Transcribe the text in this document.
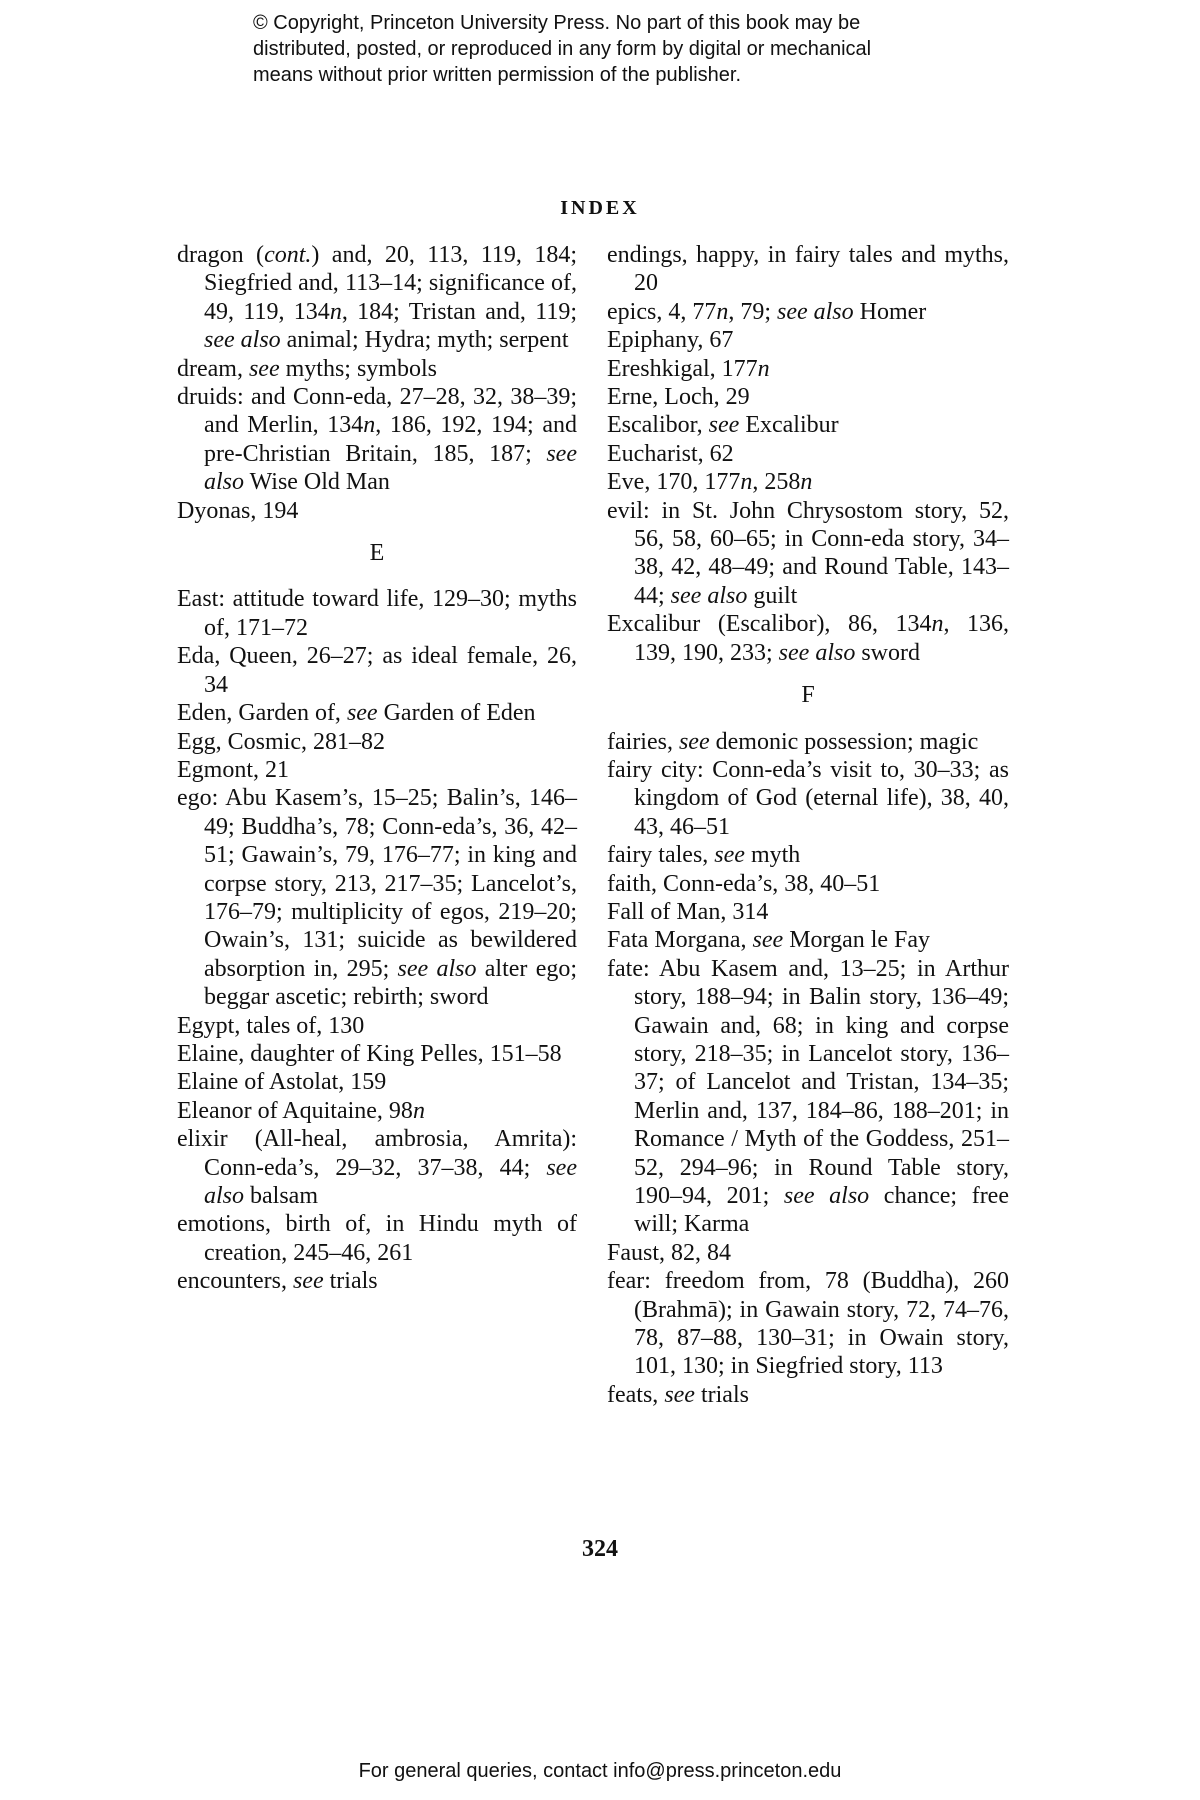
© Copyright, Princeton University Press. No part of this book may be
distributed, posted, or reproduced in any form by digital or mechanical
means without prior written permission of the publisher.
INDEX
dragon (cont.) and, 20, 113, 119, 184; Siegfried and, 113–14; significance of, 49, 119, 134n, 184; Tristan and, 119; see also animal; Hydra; myth; serpent
dream, see myths; symbols
druids: and Conn-eda, 27–28, 32, 38–39; and Merlin, 134n, 186, 192, 194; and pre-Christian Britain, 185, 187; see also Wise Old Man
Dyonas, 194
E
East: attitude toward life, 129–30; myths of, 171–72
Eda, Queen, 26–27; as ideal female, 26, 34
Eden, Garden of, see Garden of Eden
Egg, Cosmic, 281–82
Egmont, 21
ego: Abu Kasem’s, 15–25; Balin’s, 146–49; Buddha’s, 78; Conn-eda’s, 36, 42–51; Gawain’s, 79, 176–77; in king and corpse story, 213, 217–35; Lancelot’s, 176–79; multiplicity of egos, 219–20; Owain’s, 131; suicide as bewildered absorption in, 295; see also alter ego; beggar ascetic; rebirth; sword
Egypt, tales of, 130
Elaine, daughter of King Pelles, 151–58
Elaine of Astolat, 159
Eleanor of Aquitaine, 98n
elixir (All-heal, ambrosia, Amrita): Conn-eda’s, 29–32, 37–38, 44; see also balsam
emotions, birth of, in Hindu myth of creation, 245–46, 261
encounters, see trials
endings, happy, in fairy tales and myths, 20
epics, 4, 77n, 79; see also Homer
Epiphany, 67
Ereshkigal, 177n
Erne, Loch, 29
Escalibor, see Excalibur
Eucharist, 62
Eve, 170, 177n, 258n
evil: in St. John Chrysostom story, 52, 56, 58, 60–65; in Conn-eda story, 34–38, 42, 48–49; and Round Table, 143–44; see also guilt
Excalibur (Escalibor), 86, 134n, 136, 139, 190, 233; see also sword
F
fairies, see demonic possession; magic
fairy city: Conn-eda’s visit to, 30–33; as kingdom of God (eternal life), 38, 40, 43, 46–51
fairy tales, see myth
faith, Conn-eda’s, 38, 40–51
Fall of Man, 314
Fata Morgana, see Morgan le Fay
fate: Abu Kasem and, 13–25; in Arthur story, 188–94; in Balin story, 136–49; Gawain and, 68; in king and corpse story, 218–35; in Lancelot story, 136–37; of Lancelot and Tristan, 134–35; Merlin and, 137, 184–86, 188–201; in Romance / Myth of the Goddess, 251–52, 294–96; in Round Table story, 190–94, 201; see also chance; free will; Karma
Faust, 82, 84
fear: freedom from, 78 (Buddha), 260 (Brahmā); in Gawain story, 72, 74–76, 78, 87–88, 130–31; in Owain story, 101, 130; in Siegfried story, 113
feats, see trials
324
For general queries, contact info@press.princeton.edu
